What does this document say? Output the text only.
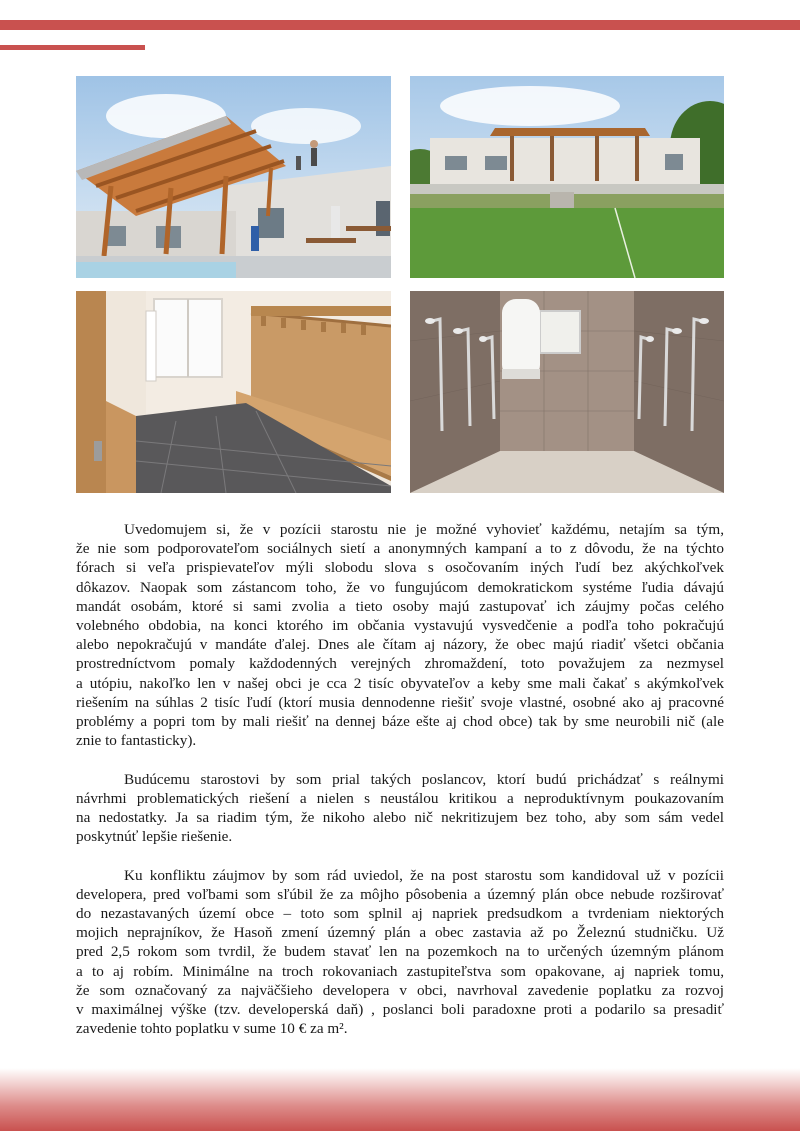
Uvedomujem si, že v pozícii starostu nie je možné vyhovieť každému, netajím sa tým,
že nie som podporovateľom sociálnych sietí a anonymných kampaní a to z dôvodu, že na týchto
fórach si veľa prispievateľov mýli slobodu slova s osočovaním iných ľudí bez akýchkoľvek
dôkazov. Naopak som zástancom toho, že vo fungujúcom demokratickom systéme ľudia dávajú
mandát osobám, ktoré si sami zvolia a tieto osoby majú zastupovať ich záujmy počas celého
volebného obdobia, na konci ktorého im občania vystavujú vysvedčenie a podľa toho pokračujú
alebo nepokračujú v mandáte ďalej. Dnes ale čítam aj názory, že obec majú riadiť všetci občania
prostredníctvom pomaly každodenných verejných zhromaždení, toto považujem za nezmysel
a utópiu, nakoľko len v našej obci je cca 2 tisíc obyvateľov a keby sme mali čakať s akýmkoľvek
riešením na súhlas 2 tisíc ľudí (ktorí musia dennodenne riešiť svoje vlastné, osobné ako aj pracovné
problémy a popri tom by mali riešiť na dennej báze ešte aj chod obce) tak by sme neurobili nič (ale
znie to fantasticky).
Budúcemu starostovi by som prial takých poslancov, ktorí budú prichádzať s reálnymi
návrhmi problematických riešení a nielen s neustálou kritikou a neproduktívnym poukazovaním
na nedostatky. Ja sa riadim tým, že nikoho alebo nič nekritizujem bez toho, aby som sám vedel
poskytnúť lepšie riešenie.
Ku konfliktu záujmov by som rád uviedol, že na post starostu som kandidoval už v pozícii
developera, pred voľbami som sľúbil že za môjho pôsobenia a územný plán obce nebude rozširovať
do nezastavaných území obce – toto som splnil aj napriek predsudkom a tvrdeniam niektorých
mojich neprajníkov, že Hasoň zmení územný plán a obec zastavia až po Železnú studničku. Už
pred 2,5 rokom som tvrdil, že budem stavať len na pozemkoch na to určených územným plánom
a to aj robím. Minimálne na troch rokovaniach zastupiteľstva som opakovane, aj napriek tomu,
že som označovaný za najväčšieho developera v obci, navrhoval zavedenie poplatku za rozvoj
v maximálnej výške (tzv. developerská daň) , poslanci boli paradoxne proti a podarilo sa presadiť
zavedenie tohto poplatku v sume 10 € za m².
